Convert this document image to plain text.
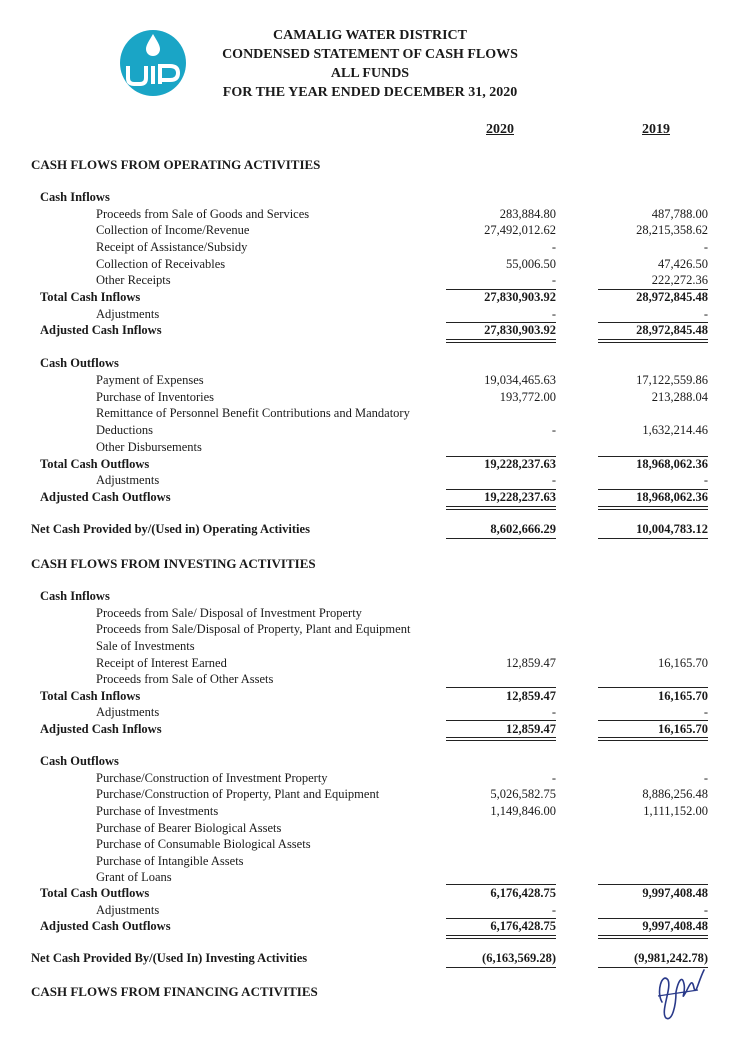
CAMALIG WATER DISTRICT
CONDENSED STATEMENT OF CASH FLOWS
ALL FUNDS
FOR THE YEAR ENDED DECEMBER 31, 2020
2020	2019
CASH FLOWS FROM OPERATING ACTIVITIES
Cash Inflows
Proceeds from Sale of Goods and Services	283,884.80	487,788.00
Collection of Income/Revenue	27,492,012.62	28,215,358.62
Receipt of Assistance/Subsidy	-	-
Collection of Receivables	55,006.50	47,426.50
Other Receipts	-	222,272.36
Total Cash Inflows	27,830,903.92	28,972,845.48
Adjustments	-	-
Adjusted Cash Inflows	27,830,903.92	28,972,845.48
Cash Outflows
Payment of Expenses	19,034,465.63	17,122,559.86
Purchase of Inventories	193,772.00	213,288.04
Remittance of Personnel Benefit Contributions and Mandatory
Deductions	-	1,632,214.46
Other Disbursements
Total Cash Outflows	19,228,237.63	18,968,062.36
Adjustments	-	-
Adjusted Cash Outflows	19,228,237.63	18,968,062.36
Net Cash Provided by/(Used in) Operating Activities	8,602,666.29	10,004,783.12
CASH FLOWS FROM INVESTING ACTIVITIES
Cash Inflows
Proceeds from Sale/ Disposal of Investment Property
Proceeds from Sale/Disposal of Property, Plant and Equipment
Sale of Investments
Receipt of Interest Earned	12,859.47	16,165.70
Proceeds from Sale of Other Assets
Total Cash Inflows	12,859.47	16,165.70
Adjustments	-	-
Adjusted Cash Inflows	12,859.47	16,165.70
Cash Outflows
Purchase/Construction of Investment Property	-	-
Purchase/Construction of Property, Plant and Equipment	5,026,582.75	8,886,256.48
Purchase of Investments	1,149,846.00	1,111,152.00
Purchase of Bearer Biological Assets
Purchase of Consumable Biological Assets
Purchase of Intangible Assets
Grant of Loans
Total Cash Outflows	6,176,428.75	9,997,408.48
Adjustments	-	-
Adjusted Cash Outflows	6,176,428.75	9,997,408.48
Net Cash Provided By/(Used In) Investing Activities	(6,163,569.28)	(9,981,242.78)
CASH FLOWS FROM FINANCING ACTIVITIES
